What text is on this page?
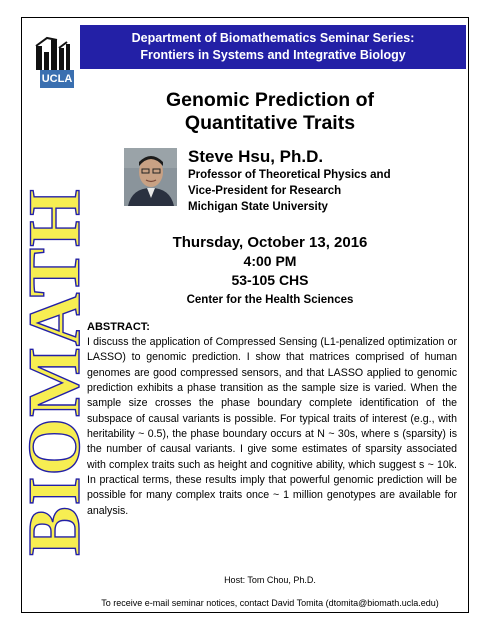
Department of Biomathematics Seminar Series:
Frontiers in Systems and Integrative Biology
UCLA
BIOMATH
Genomic Prediction of
Quantitative Traits
Steve Hsu, Ph.D.
Professor of Theoretical Physics and
Vice-President for Research
Michigan State University
Thursday, October 13, 2016
4:00 PM
53-105 CHS
Center for the Health Sciences
ABSTRACT:

I discuss the application of Compressed Sensing (L1-penalized optimization or LASSO) to genomic prediction. I show that matrices comprised of human genomes are good compressed sensors, and that LASSO applied to genomic prediction exhibits a phase transition as the sample size is varied. When the sample size crosses the phase boundary complete identification of the subspace of causal variants is possible. For typical traits of interest (e.g., with heritability ~ 0.5), the phase boundary occurs at N ~ 30s, where s (sparsity) is the number of causal variants. I give some estimates of sparsity associated with complex traits such as height and cognitive ability, which suggest s ~ 10k. In practical terms, these results imply that powerful genomic prediction will be possible for many complex traits once ~ 1 million genotypes are available for analysis.

Host: Tom Chou, Ph.D.
To receive e-mail seminar notices, contact David Tomita (dtomita@biomath.ucla.edu)
